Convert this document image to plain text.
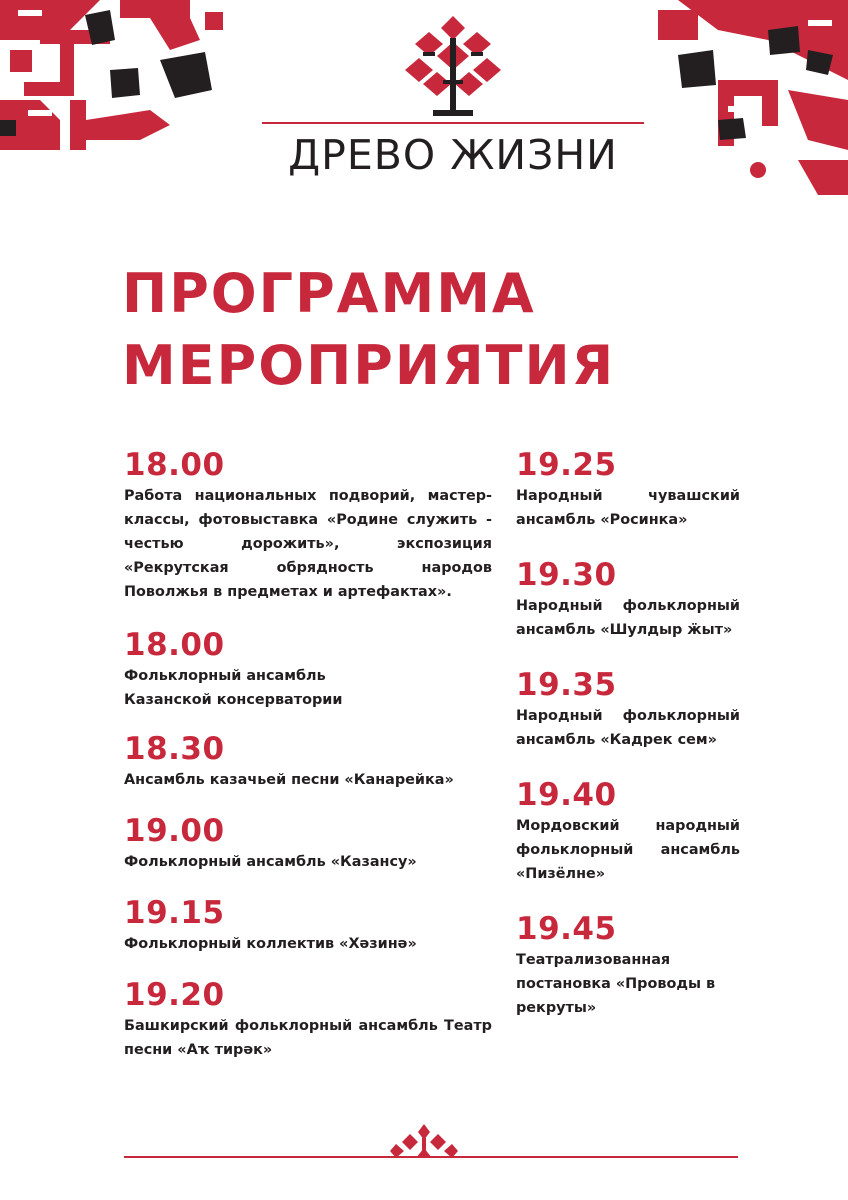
ДРЕВО ЖИЗНИ
ПРОГРАММА
МЕРОПРИЯТИЯ
18.00
Работа национальных подворий, мастер-классы, фотовыставка «Родине служить - честью дорожить», экспозиция «Рекрутская обрядность народов Поволжья в предметах и артефактах».
18.00
Фольклорный ансамбль Казанской консерватории
18.30
Ансамбль казачьей песни «Канарейка»
19.00
Фольклорный ансамбль «Казансу»
19.15
Фольклорный коллектив «Хәзинә»
19.20
Башкирский фольклорный ансамбль Театр песни «Аҡ тирәк»
19.25
Народный чувашский ансамбль «Росинка»
19.30
Народный фольклорный ансамбль «Шулдыр ӝыт»
19.35
Народный фольклорный ансамбль «Кадрек сем»
19.40
Мордовский народный фольклорный ансамбль «Пизёлне»
19.45
Театрализованная постановка «Проводы в рекруты»
